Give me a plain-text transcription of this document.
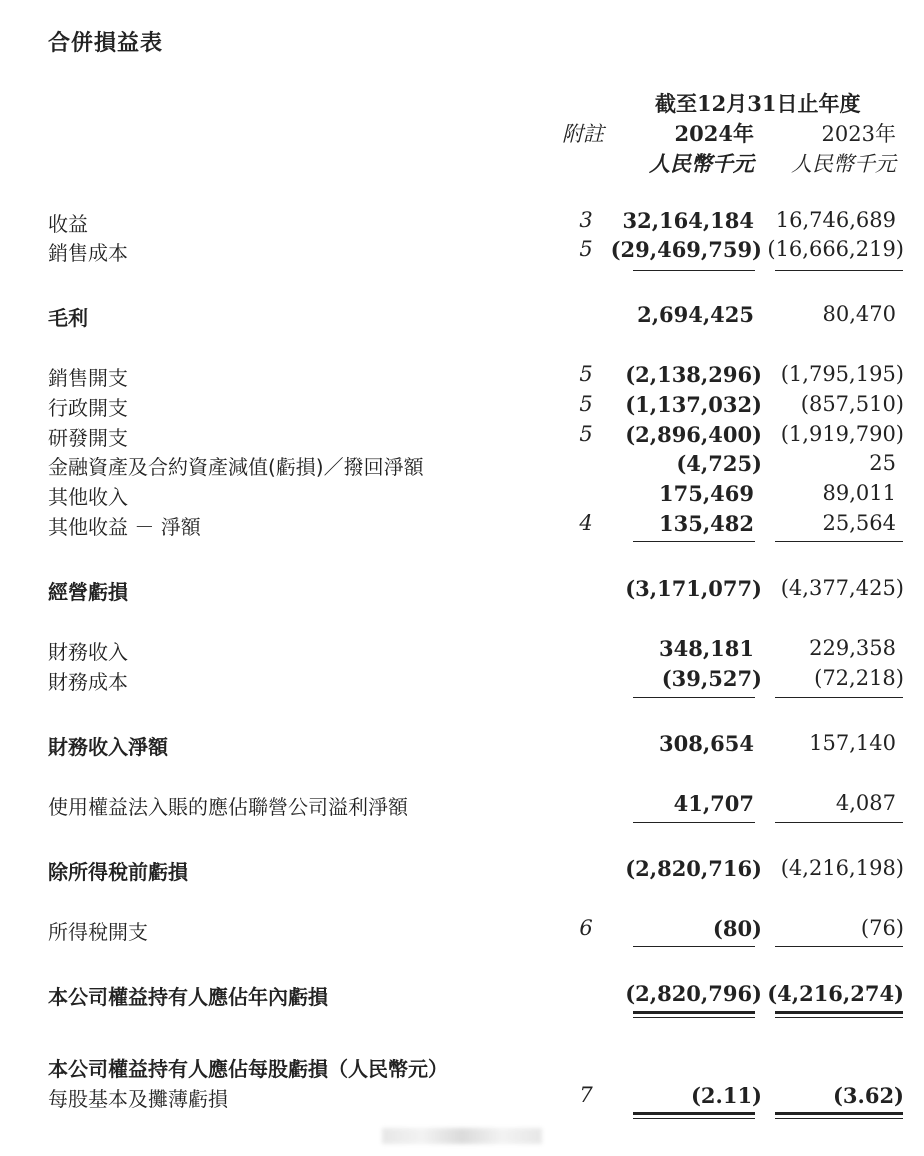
合併損益表
截至12月31日止年度
附註	2024年	2023年
人民幣千元 人民幣千元
收益	3 32,164,184 16,746,689
銷售成本	5 (29,469,759) (16,666,219)
毛利	2,694,425	80,470
銷售開支	5 (2,138,296) (1,795,195)
行政開支	5 (1,137,032) (857,510)
研發開支	5 (2,896,400) (1,919,790)
金融資產及合約資產減值(虧損)／撥回淨額	(4,725)	25
其他收入	175,469	89,011
其他收益 － 淨額	4	135,482	25,564
經營虧損	(3,171,077) (4,377,425)
財務收入	348,181	229,358
財務成本	(39,527) (72,218)
財務收入淨額	308,654	157,140
使用權益法入賬的應佔聯營公司溢利淨額	41,707	4,087
除所得稅前虧損	(2,820,716) (4,216,198)
所得稅開支	6	(80)	(76)
本公司權益持有人應佔年內虧損	(2,820,796) (4,216,274)
本公司權益持有人應佔每股虧損（人民幣元）
每股基本及攤薄虧損	7	(2.11)	(3.62)
